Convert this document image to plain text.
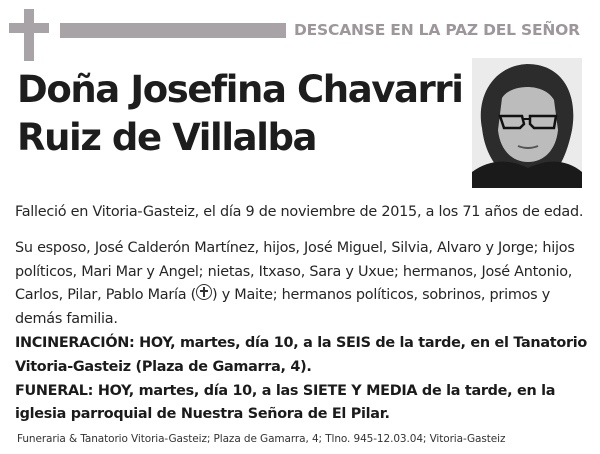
DESCANSE EN LA PAZ DEL SEÑOR
Doña Josefina Chavarri
Ruiz de Villalba

Falleció en Vitoria-Gasteiz, el día 9 de noviembre de 2015, a los 71 años de edad.

Su esposo, José Calderón Martínez, hijos, José Miguel, Silvia, Alvaro y Jorge; hijos políticos, Mari Mar y Angel; nietas, Itxaso, Sara y Uxue; hermanos, José Antonio, Carlos, Pilar, Pablo María ( ) y Maite; hermanos políticos, sobrinos, primos y demás familia.

INCINERACIÓN: HOY, martes, día 10, a la SEIS de la tarde, en el Tanatorio Vitoria-Gasteiz (Plaza de Gamarra, 4).

FUNERAL: HOY, martes, día 10, a las SIETE Y MEDIA de la tarde, en la iglesia parroquial de Nuestra Señora de El Pilar.

Funeraria & Tanatorio Vitoria-Gasteiz; Plaza de Gamarra, 4; Tlno. 945-12.03.04; Vitoria-Gasteiz
